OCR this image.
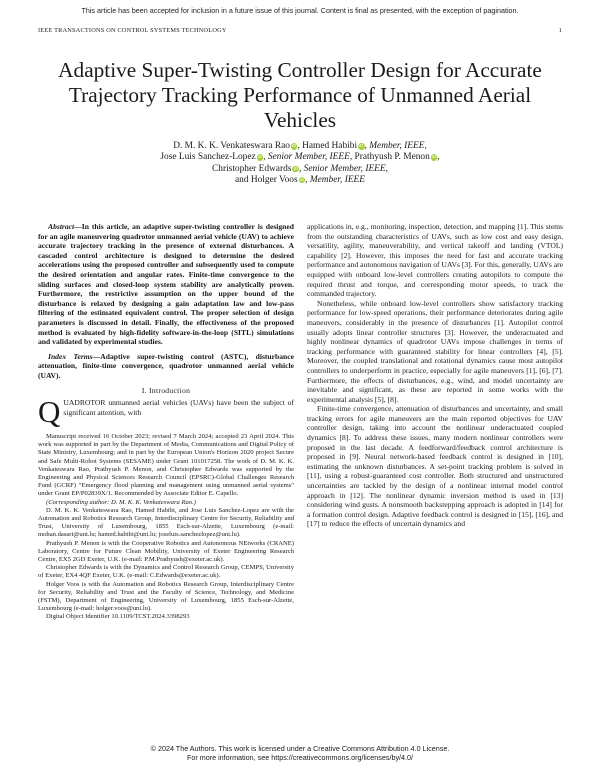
This article has been accepted for inclusion in a future issue of this journal. Content is final as presented, with the exception of pagination.
IEEE TRANSACTIONS ON CONTROL SYSTEMS TECHNOLOGY	1
Adaptive Super-Twisting Controller Design for Accurate Trajectory Tracking Performance of Unmanned Aerial Vehicles
D. M. K. K. Venkateswara Rao iD, Hamed Habibi iD, Member, IEEE,
Jose Luis Sanchez-Lopez iD, Senior Member, IEEE, Prathyush P. Menon iD,
Christopher Edwards iD, Senior Member, IEEE,
and Holger Voos iD, Member, IEEE

Abstract—In this article, an adaptive super-twisting controller is designed for an agile maneuvering quadrotor unmanned aerial vehicle (UAV) to achieve accurate trajectory tracking in the presence of external disturbances. A cascaded control architecture is designed to determine the desired accelerations using the proposed controller and subsequently used to compute the desired orientation and angular rates. Finite-time convergence to the sliding surfaces and closed-loop system stability are analytically proven. Furthermore, the restrictive assumption on the upper bound of the disturbance is relaxed by designing a gain adaptation law and low-pass filtering of the estimated equivalent control. The proper selection of design parameters is discussed in detail. Finally, the effectiveness of the proposed method is evaluated by high-fidelity software-in-the-loop (SITL) simulations and validated by experimental studies.

Index Terms—Adaptive super-twisting control (ASTC), disturbance attenuation, finite-time convergence, quadrotor unmanned aerial vehicle (UAV).

I. Introduction
QUADROTOR unmanned aerial vehicles (UAVs) have been the subject of significant attention, with

Manuscript received 16 October 2023; revised 7 March 2024; accepted 23 April 2024. This work was supported in part by the Department of Media, Communications and Digital Policy of State Ministry, Luxembourg; and in part by the European Union's Horizon 2020 project Secure and Safe Multi-Robot Systems (SESAME) under Grant 101017258. The work of D. M. K. K. Venkateswara Rao, Prathyush P. Menon, and Christopher Edwards was supported by the Engineering and Physical Sciences Research Council (EPSRC)-Global Challenges Research Fund (GCRF) "Emergency flood planning and management using unmanned aerial systems" under Grant EP/P02839X/1. Recommended by Associate Editor E. Capello.

(Corresponding author: D. M. K. K. Venkateswara Rao.)

D. M. K. K. Venkateswara Rao, Hamed Habibi, and Jose Luis Sanchez-Lopez are with the Automation and Robotics Research Group, Interdisciplinary Centre for Security, Reliability and Trust, University of Luxembourg, 1855 Esch-sur-Alzette, Luxembourg (e-mail: mohan.dasari@uni.lu; hamed.habibi@uni.lu; joseluis.sanchezlopez@uni.lu).

Prathyush P. Menon is with the Cooperative Robotics and Autonomous NEtworks (CRANE) Laboratory, Centre for Future Clean Mobility, University of Exeter Engineering Research Centre, EX5 2GD Exeter, U.K. (e-mail: P.M.Prathyush@exeter.ac.uk).

Christopher Edwards is with the Dynamics and Control Research Group, CEMPS, University of Exeter, EX4 4QF Exeter, U.K. (e-mail: C.Edwards@exeter.ac.uk).

Holger Voos is with the Automation and Robotics Research Group, Interdisciplinary Centre for Security, Reliability and Trust and the Faculty of Science, Technology, and Medicine (FSTM), Department of Engineering, University of Luxembourg, 1855 Esch-sur-Alzette, Luxembourg (e-mail: holger.voos@uni.lu).

Digital Object Identifier 10.1109/TCST.2024.3398293

applications in, e.g., monitoring, inspection, detection, and mapping [1]. This stems from the outstanding characteristics of UAVs, such as low cost and easy design, versatility, agility, maneuverability, and vertical takeoff and landing (VTOL) capability [2]. However, this imposes the need for fast and accurate tracking performance and autonomous navigation of UAVs [3]. For this, generally, UAVs are equipped with onboard low-level controllers creating autopilots to compute the required thrust and torque, and corresponding motor speeds, to track the commanded trajectory.

Nonetheless, while onboard low-level controllers show satisfactory tracking performance for low-speed operations, their performance deteriorates during agile maneuvers, considerably in the presence of disturbances [1]. Autopilot control usually adopts linear controller structures [3]. However, the underactuated and highly nonlinear dynamics of quadrotor UAVs impose challenges in terms of tracking performance with guaranteed stability for linear controllers [4], [5]. Moreover, the coupled translational and rotational dynamics cause most autopilot controllers to underperform in practice, especially for agile maneuvers [1], [6], [7]. Furthermore, the effects of disturbances, e.g., wind, and model uncertainty are inevitable and significant, as these are reported in some works with the experimental analysis [5], [8].

Finite-time convergence, attenuation of disturbances and uncertainty, and small tracking errors for agile maneuvers are the main reported objectives for UAV controller design, taking into account the nonlinear underactuated coupled dynamics [8]. To address these issues, many modern nonlinear controllers were proposed in the last decade. A feedforward/feedback control architecture is proposed in [9]. Neural network-based feedback control is designed in [10], estimating the unknown disturbances. A set-point tracking problem is solved in [11], using a robust-guaranteed cost controller. Both structured and unstructured uncertainties are tackled by the design of a nonlinear internal model control approach in [12]. The nonlinear dynamic inversion method is used in [13] considering wind gusts. A nonsmooth backstepping approach is adopted in [14] for a formation control design. Adaptive feedback control is designed in [15], [16], and [17] to reduce the effects of uncertain dynamics and

© 2024 The Authors. This work is licensed under a Creative Commons Attribution 4.0 License.
For more information, see https://creativecommons.org/licenses/by/4.0/
